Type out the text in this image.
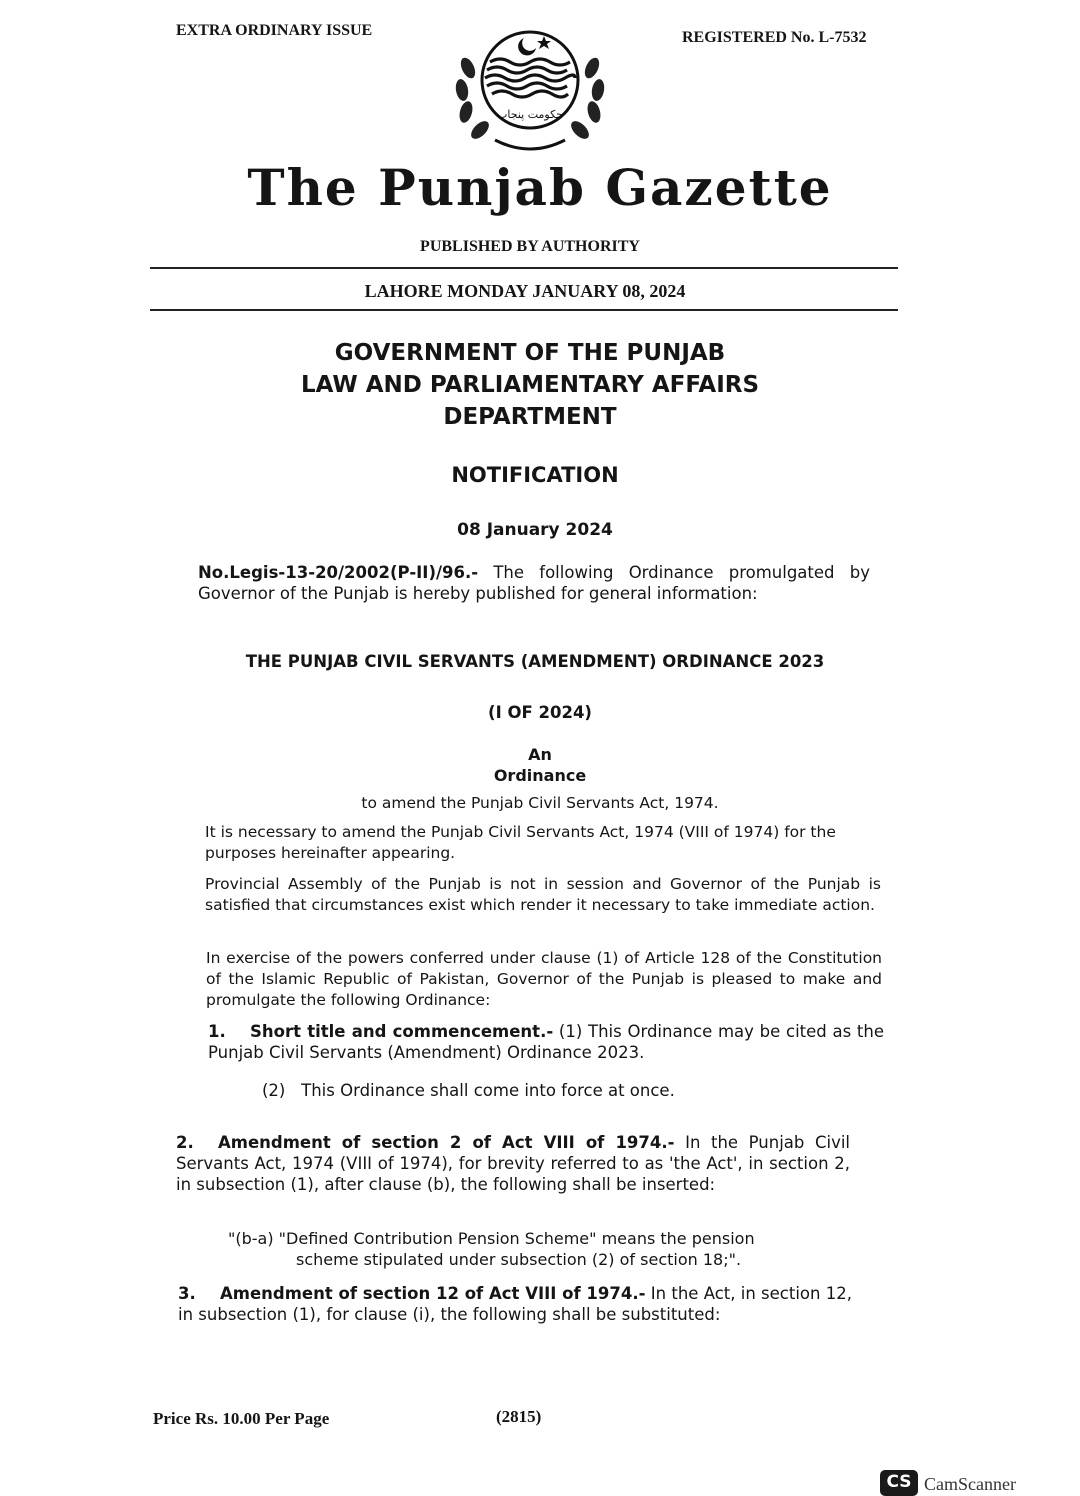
EXTRA ORDINARY ISSUE	REGISTERED No. L-7532
حکومت پنجاب
The Punjab Gazette
PUBLISHED BY AUTHORITY
LAHORE MONDAY JANUARY 08, 2024
GOVERNMENT OF THE PUNJAB
LAW AND PARLIAMENTARY AFFAIRS
DEPARTMENT
NOTIFICATION
08 January 2024
No.Legis-13-20/2002(P-II)/96.- The following Ordinance promulgated by Governor of the Punjab is hereby published for general information:
THE PUNJAB CIVIL SERVANTS (AMENDMENT) ORDINANCE 2023
(I OF 2024)
An
Ordinance
to amend the Punjab Civil Servants Act, 1974.
It is necessary to amend the Punjab Civil Servants Act, 1974 (VIII of 1974) for the purposes hereinafter appearing.
Provincial Assembly of the Punjab is not in session and Governor of the Punjab is satisfied that circumstances exist which render it necessary to take immediate action.
In exercise of the powers conferred under clause (1) of Article 128 of the Constitution of the Islamic Republic of Pakistan, Governor of the Punjab is pleased to make and promulgate the following Ordinance:
1. Short title and commencement.- (1) This Ordinance may be cited as the Punjab Civil Servants (Amendment) Ordinance 2023.
(2) This Ordinance shall come into force at once.
2. Amendment of section 2 of Act VIII of 1974.- In the Punjab Civil Servants Act, 1974 (VIII of 1974), for brevity referred to as 'the Act', in section 2, in subsection (1), after clause (b), the following shall be inserted:
"(b-a) "Defined Contribution Pension Scheme" means the pension
scheme stipulated under subsection (2) of section 18;".
3. Amendment of section 12 of Act VIII of 1974.- In the Act, in section 12, in subsection (1), for clause (i), the following shall be substituted:
Price Rs. 10.00 Per Page	(2815)
CS CamScanner
